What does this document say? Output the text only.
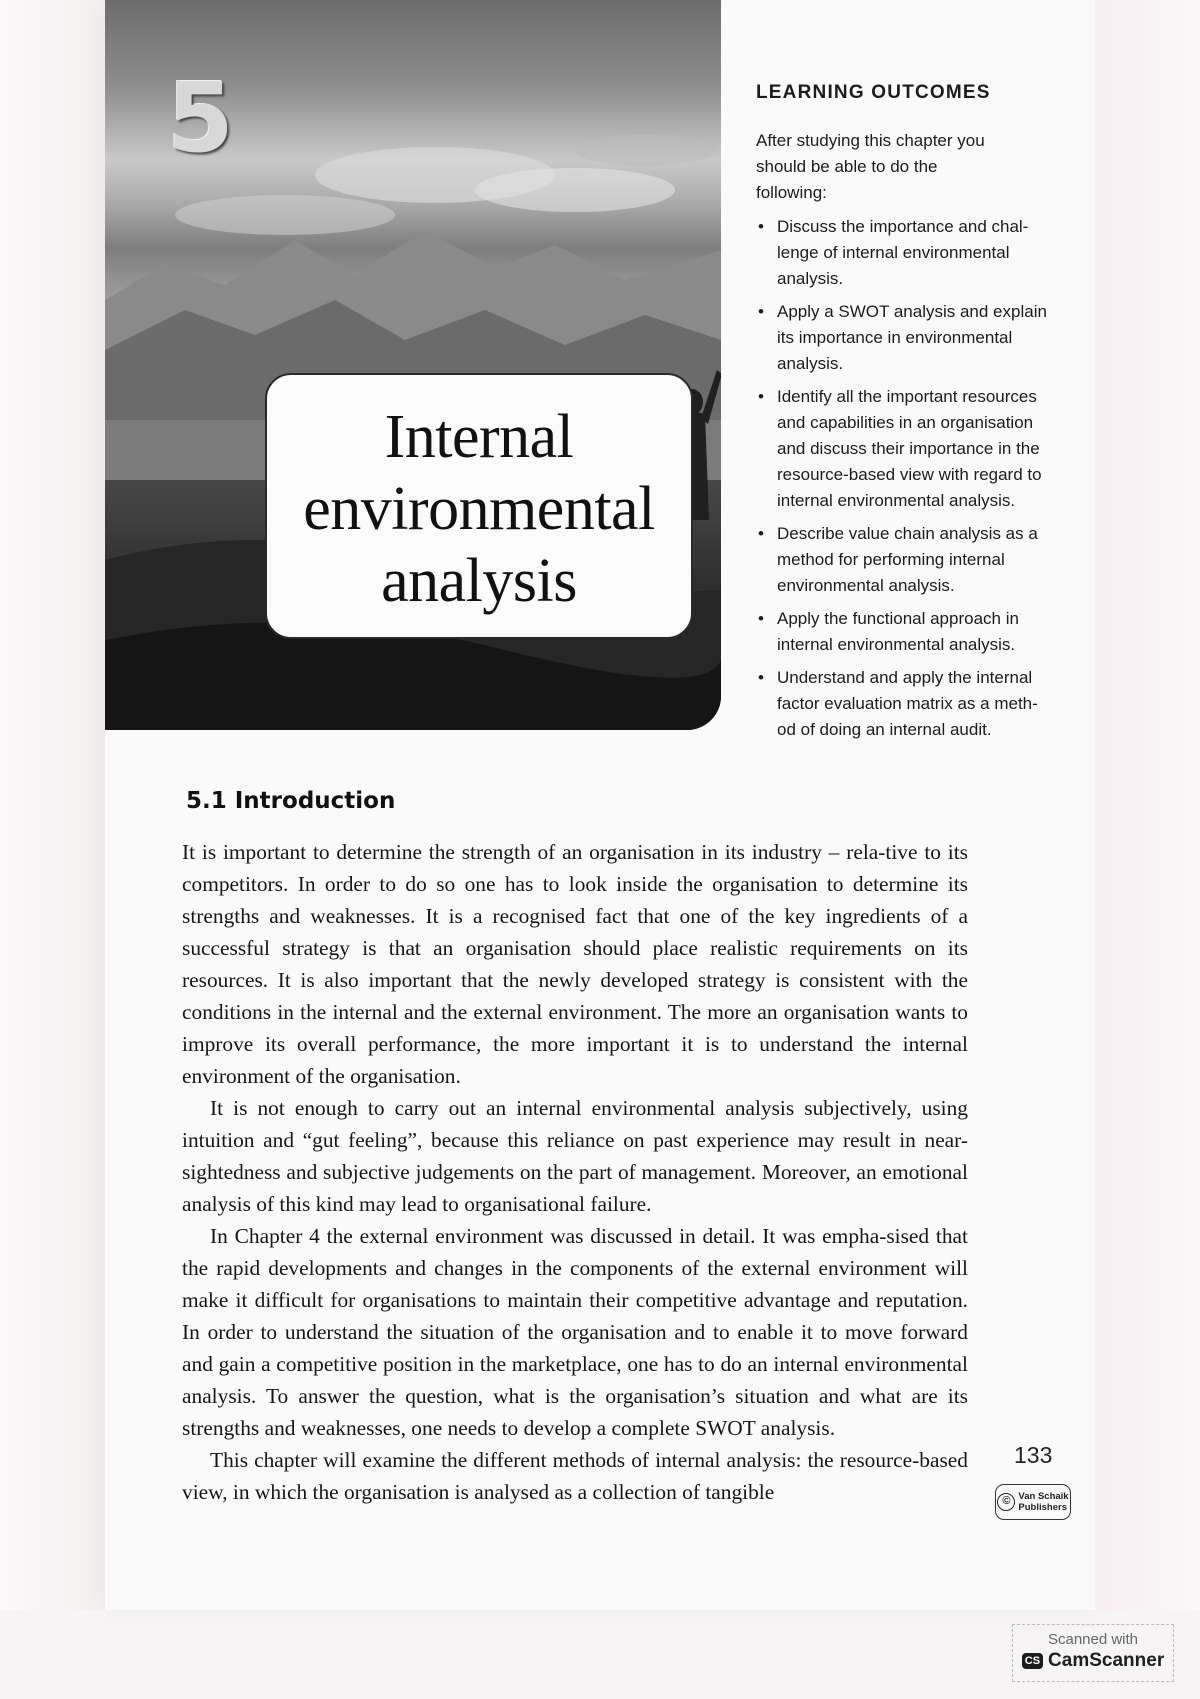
5
Internal
environmental
analysis
LEARNING OUTCOMES

After studying this chapter you should be able to do the following:

• Discuss the importance and chal-lenge of internal environmental analysis.
• Apply a SWOT analysis and explain its importance in environmental analysis.
• Identify all the important resources and capabilities in an organisation and discuss their importance in the resource-based view with regard to internal environmental analysis.
• Describe value chain analysis as a method for performing internal environmental analysis.
• Apply the functional approach in internal environmental analysis.
• Understand and apply the internal factor evaluation matrix as a meth-od of doing an internal audit.
5.1 Introduction

It is important to determine the strength of an organisation in its industry – rela-tive to its competitors. In order to do so one has to look inside the organisation to determine its strengths and weaknesses. It is a recognised fact that one of the key ingredients of a successful strategy is that an organisation should place realistic requirements on its resources. It is also important that the newly developed strategy is consistent with the conditions in the internal and the external environment. The more an organisation wants to improve its overall performance, the more important it is to understand the internal environment of the organisation.

It is not enough to carry out an internal environmental analysis subjectively, using intuition and “gut feeling”, because this reliance on past experience may result in near-sightedness and subjective judgements on the part of management. Moreover, an emotional analysis of this kind may lead to organisational failure.

In Chapter 4 the external environment was discussed in detail. It was empha-sised that the rapid developments and changes in the components of the external environment will make it difficult for organisations to maintain their competitive advantage and reputation. In order to understand the situation of the organisation and to enable it to move forward and gain a competitive position in the marketplace, one has to do an internal environmental analysis. To answer the question, what is the organisation’s situation and what are its strengths and weaknesses, one needs to develop a complete SWOT analysis.

This chapter will examine the different methods of internal analysis: the resource-based view, in which the organisation is analysed as a collection of tangible

133
© Van Schaik
Publishers
Scanned with
CS CamScanner
